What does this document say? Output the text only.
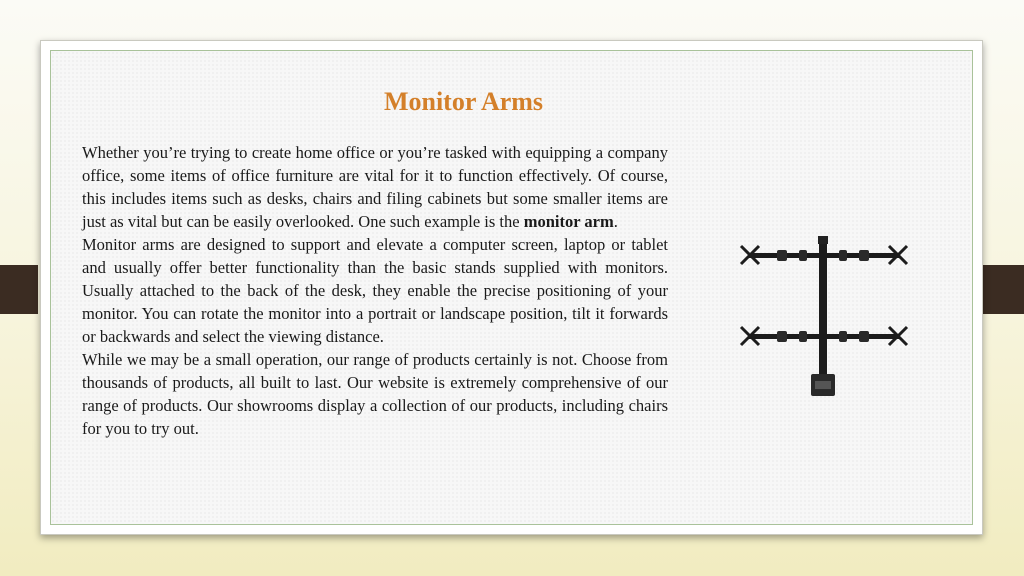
Monitor Arms

Whether you’re trying to create home office or you’re tasked with equipping a company office, some items of office furniture are vital for it to function effectively. Of course, this includes items such as desks, chairs and filing cabinets but some smaller items are just as vital but can be easily overlooked. One such example is the monitor arm.

Monitor arms are designed to support and elevate a computer screen, laptop or tablet and usually offer better functionality than the basic stands supplied with monitors. Usually attached to the back of the desk, they enable the precise positioning of your monitor. You can rotate the monitor into a portrait or landscape position, tilt it forwards or backwards and select the viewing distance.

While we may be a small operation, our range of products certainly is not. Choose from thousands of products, all built to last. Our website is extremely comprehensive of our range of products. Our showrooms display a collection of our products, including chairs for you to try out.
